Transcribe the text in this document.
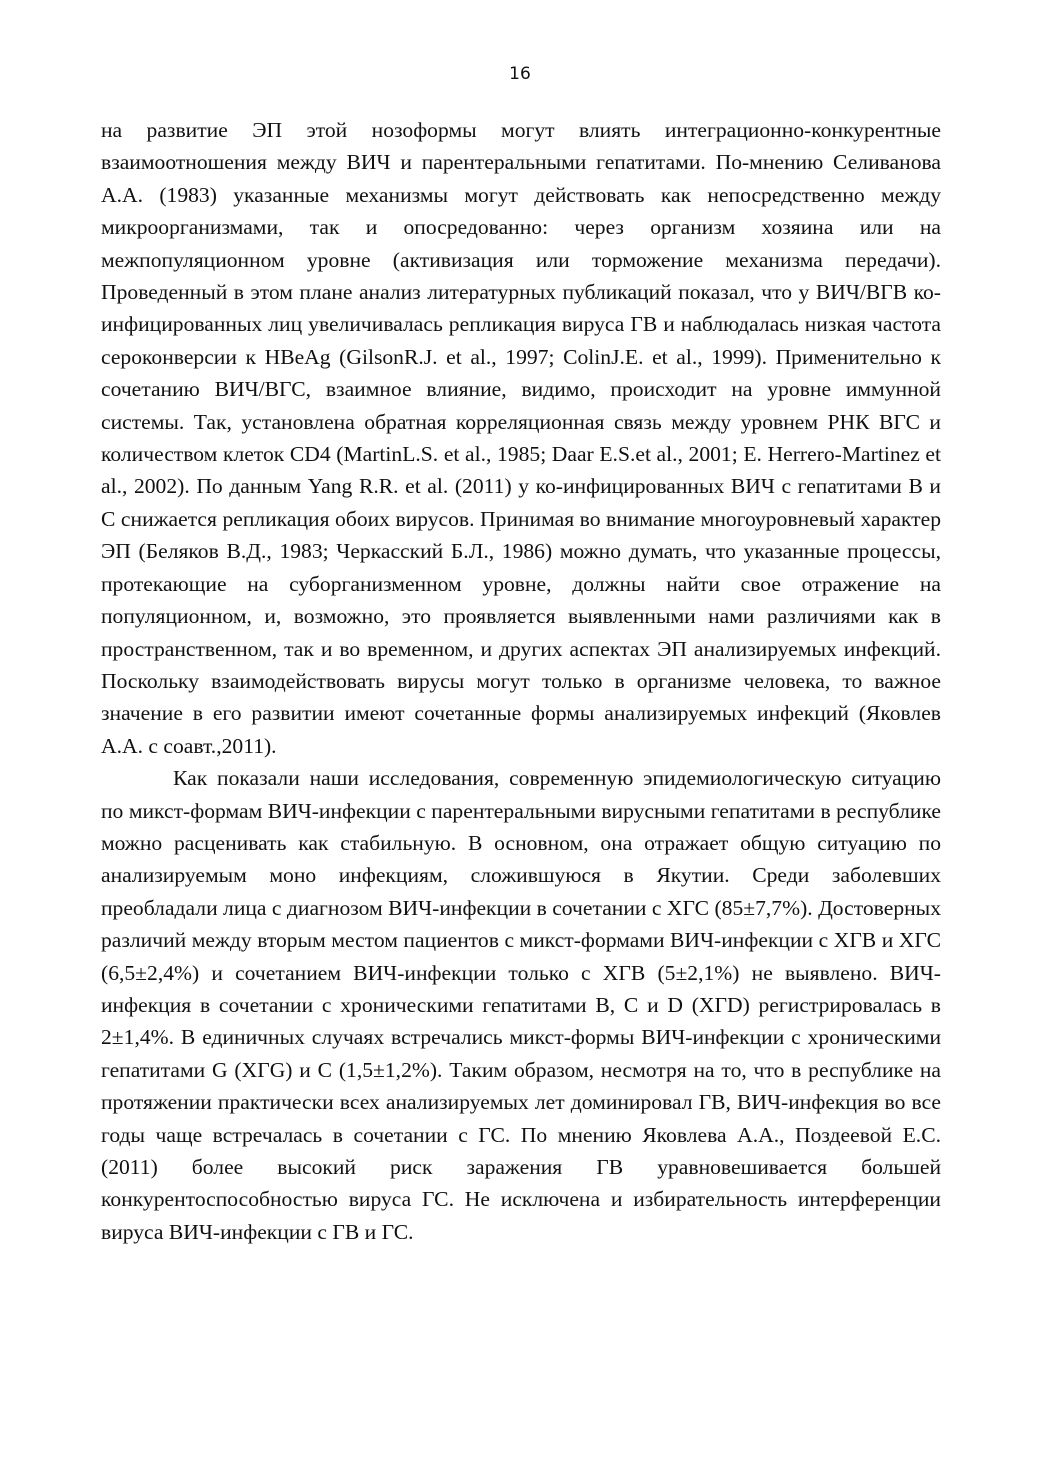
16

на развитие ЭП этой нозоформы могут влиять интеграционно-конкурентные взаимоотношения между ВИЧ и парентеральными гепатитами. По-мнению Селиванова А.А. (1983) указанные механизмы могут действовать как непосредственно между микроорганизмами, так и опосредованно: через организм хозяина или на межпопуляционном уровне (активизация или торможение механизма передачи). Проведенный в этом плане анализ литературных публикаций показал, что у ВИЧ/ВГВ ко-инфицированных лиц увеличивалась репликация вируса ГВ и наблюдалась низкая частота сероконверсии к HBeAg (GilsonR.J. et al., 1997; ColinJ.E. et al., 1999). Применительно к сочетанию ВИЧ/ВГС, взаимное влияние, видимо, происходит на уровне иммунной системы. Так, установлена обратная корреляционная связь между уровнем РНК ВГС и количеством клеток CD4 (MartinL.S. et al., 1985; Daar E.S.et al., 2001; E. Herrero-Martinez et al., 2002). По данным Yang R.R. et al. (2011) у ко-инфицированных ВИЧ с гепатитами В и С снижается репликация обоих вирусов. Принимая во внимание многоуровневый характер ЭП (Беляков В.Д., 1983; Черкасский Б.Л., 1986) можно думать, что указанные процессы, протекающие на суборганизменном уровне, должны найти свое отражение на популяционном, и, возможно, это проявляется выявленными нами различиями как в пространственном, так и во временном, и других аспектах ЭП анализируемых инфекций. Поскольку взаимодействовать вирусы могут только в организме человека, то важное значение в его развитии имеют сочетанные формы анализируемых инфекций (Яковлев А.А. с соавт.,2011).

Как показали наши исследования, современную эпидемиологическую ситуацию по микст-формам ВИЧ-инфекции с парентеральными вирусными гепатитами в республике можно расценивать как стабильную. В основном, она отражает общую ситуацию по анализируемым моно инфекциям, сложившуюся в Якутии. Среди заболевших преобладали лица с диагнозом ВИЧ-инфекции в сочетании с ХГС (85±7,7%). Достоверных различий между вторым местом пациентов с микст-формами ВИЧ-инфекции с ХГВ и ХГС (6,5±2,4%) и сочетанием ВИЧ-инфекции только с ХГВ (5±2,1%) не выявлено. ВИЧ-инфекция в сочетании с хроническими гепатитами В, С и D (ХГD) регистрировалась в 2±1,4%. В единичных случаях встречались микст-формы ВИЧ-инфекции с хроническими гепатитами G (ХГG) и С (1,5±1,2%). Таким образом, несмотря на то, что в республике на протяжении практически всех анализируемых лет доминировал ГВ, ВИЧ-инфекция во все годы чаще встречалась в сочетании с ГС. По мнению Яковлева А.А., Поздеевой Е.С. (2011) более высокий риск заражения ГВ уравновешивается большей конкурентоспособностью вируса ГС. Не исключена и избирательность интерференции вируса ВИЧ-инфекции с ГВ и ГС.
